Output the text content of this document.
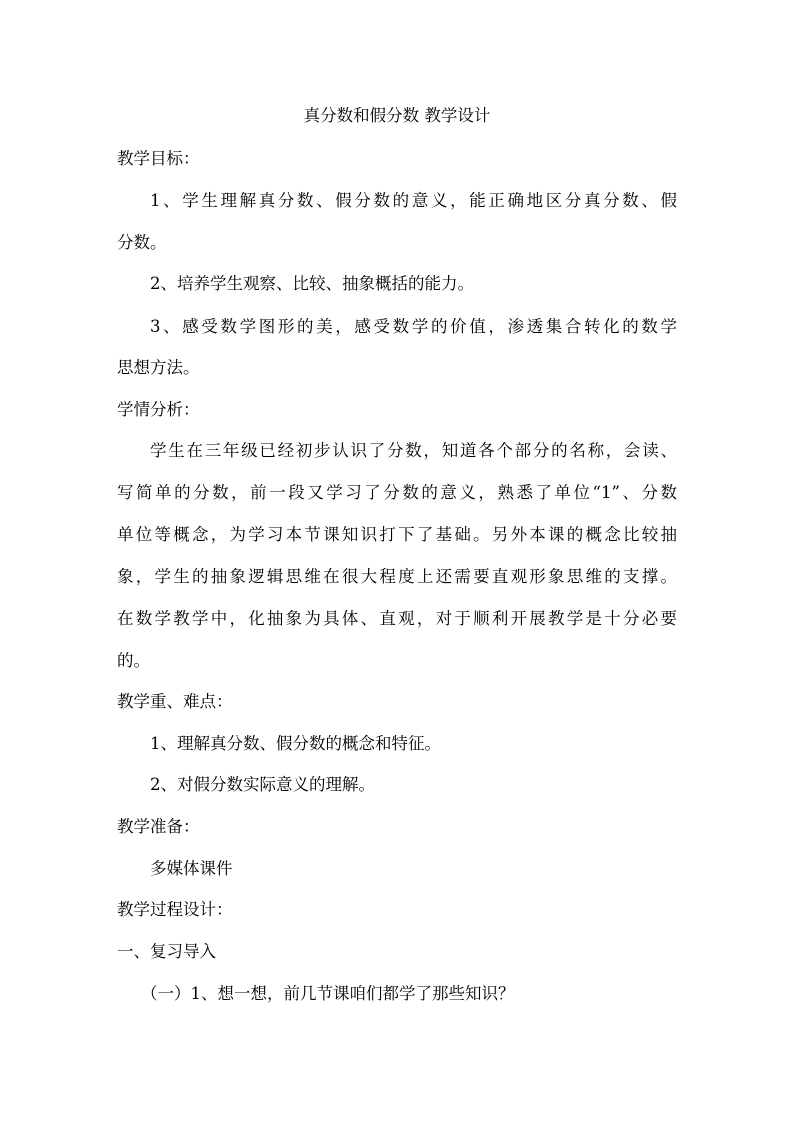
真分数和假分数 教学设计
教学目标：
1、学生理解真分数、假分数的意义，能正确地区分真分数、假
分数。
2、培养学生观察、比较、抽象概括的能力。
3、感受数学图形的美，感受数学的价值，渗透集合转化的数学
思想方法。
学情分析：
学生在三年级已经初步认识了分数，知道各个部分的名称，会读、
写简单的分数，前一段又学习了分数的意义，熟悉了单位“1”、分数
单位等概念，为学习本节课知识打下了基础。另外本课的概念比较抽
象，学生的抽象逻辑思维在很大程度上还需要直观形象思维的支撑。
在数学教学中，化抽象为具体、直观，对于顺利开展教学是十分必要
的。
教学重、难点：
1、理解真分数、假分数的概念和特征。
2、对假分数实际意义的理解。
教学准备：
多媒体课件
教学过程设计：
一、复习导入
（一）1、想一想，前几节课咱们都学了那些知识？
